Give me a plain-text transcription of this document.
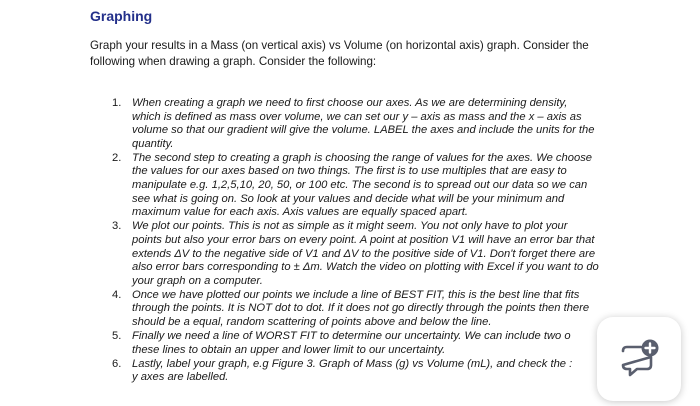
Graphing
Graph your results in a Mass (on vertical axis) vs Volume (on horizontal axis) graph. Consider the following when drawing a graph. Consider the following:
1. When creating a graph we need to first choose our axes. As we are determining density,
which is defined as mass over volume, we can set our y – axis as mass and the x – axis as
volume so that our gradient will give the volume. LABEL the axes and include the units for the
quantity.
2. The second step to creating a graph is choosing the range of values for the axes. We choose
the values for our axes based on two things. The first is to use multiples that are easy to
manipulate e.g. 1,2,5,10, 20, 50, or 100 etc. The second is to spread out our data so we can
see what is going on. So look at your values and decide what will be your minimum and
maximum value for each axis. Axis values are equally spaced apart.
3. We plot our points. This is not as simple as it might seem. You not only have to plot your
points but also your error bars on every point. A point at position V1 will have an error bar that
extends ΔV to the negative side of V1 and ΔV to the positive side of V1. Don't forget there are
also error bars corresponding to ± Δm. Watch the video on plotting with Excel if you want to do
your graph on a computer.
4. Once we have plotted our points we include a line of BEST FIT, this is the best line that fits
through the points. It is NOT dot to dot. If it does not go directly through the points then there
should be a equal, random scattering of points above and below the line.
5. Finally we need a line of WORST FIT to determine our uncertainty. We can include two o
these lines to obtain an upper and lower limit to our uncertainty.
6. Lastly, label your graph, e.g Figure 3. Graph of Mass (g) vs Volume (mL), and check the :
y axes are labelled.
